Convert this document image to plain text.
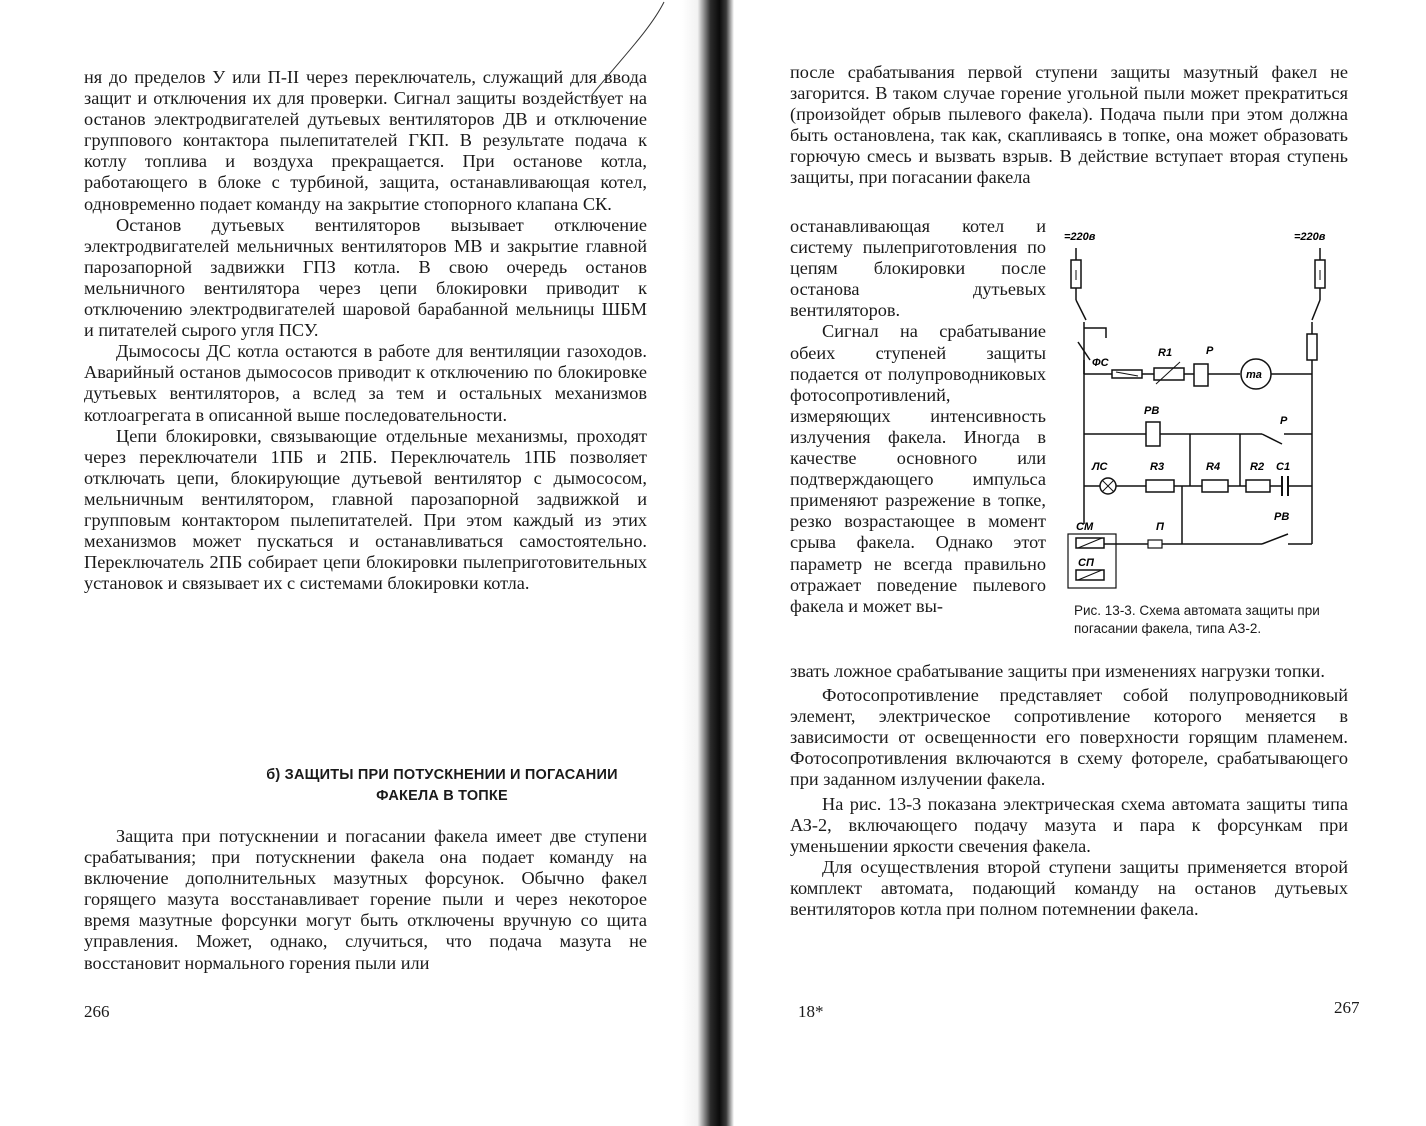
ня до пределов У или П-II через переключатель, служащий для ввода защит и отключения их для проверки. Сигнал защиты воздействует на останов электродвигателей дутьевых вентиляторов ДВ и отключение группового контактора пылепитателей ГКП. В результате подача к котлу топлива и воздуха прекращается. При останове котла, работающего в блоке с турбиной, защита, останавливающая котел, одновременно подает команду на закрытие стопорного клапана СК.

Останов дутьевых вентиляторов вызывает отключение электродвигателей мельничных вентиляторов МВ и закрытие главной парозапорной задвижки ГПЗ котла. В свою очередь останов мельничного вентилятора через цепи блокировки приводит к отключению электродвигателей шаровой барабанной мельницы ШБМ и питателей сырого угля ПСУ.

Дымососы ДС котла остаются в работе для вентиляции газоходов. Аварийный останов дымососов приводит к отключению по блокировке дутьевых вентиляторов, а вслед за тем и остальных механизмов котлоагрегата в описанной выше последовательности.

Цепи блокировки, связывающие отдельные механизмы, проходят через переключатели 1ПБ и 2ПБ. Переключатель 1ПБ позволяет отключать цепи, блокирующие дутьевой вентилятор с дымососом, мельничным вентилятором, главной парозапорной задвижкой и групповым контактором пылепитателей. При этом каждый из этих механизмов может пускаться и останавливаться самостоятельно. Переключатель 2ПБ собирает цепи блокировки пылеприготовительных установок и связывает их с системами блокировки котла.

б) ЗАЩИТЫ ПРИ ПОТУСКНЕНИИ И ПОГАСАНИИ
ФАКЕЛА В ТОПКЕ

Защита при потускнении и погасании факела имеет две ступени срабатывания; при потускнении факела она подает команду на включение дополнительных мазутных форсунок. Обычно факел горящего мазута восстанавливает горение пыли и через некоторое время мазутные форсунки могут быть отключены вручную со щита управления. Может, однако, случиться, что подача мазута не восстановит нормального горения пыли или

266

после срабатывания первой ступени защиты мазутный факел не загорится. В таком случае горение угольной пыли может прекратиться (произойдет обрыв пылевого факела). Подача пыли при этом должна быть остановлена, так как, скапливаясь в топке, она может образовать горючую смесь и вызвать взрыв. В действие вступает вторая ступень защиты, при погасании факела

останавливающая котел и систему пылеприготовления по цепям блокировки после останова дутьевых вентиляторов.

Сигнал на срабатывание обеих ступеней защиты подается от полупроводниковых фотосопротивлений, измеряющих интенсивность излучения факела. Иногда в качестве основного или подтверждающего импульса применяют разрежение в топке, резко возрастающее в момент срыва факела. Однако этот параметр не всегда правильно отражает поведение пылевого факела и может вы-

=220в	=220в
ФС
R1	Р
mа
РВ
Р
ЛС	R3	R4	R2 С1
СМ
СП
П
РВ
Рис. 13-3. Схема автомата защиты при погасании факела, типа АЗ-2.

звать ложное срабатывание защиты при изменениях нагрузки топки.

Фотосопротивление представляет собой полупроводниковый элемент, электрическое сопротивление которого меняется в зависимости от освещенности его поверхности горящим пламенем. Фотосопротивления включаются в схему фотореле, срабатывающего при заданном излучении факела.

На рис. 13-3 показана электрическая схема автомата защиты типа АЗ-2, включающего подачу мазута и пара к форсункам при уменьшении яркости свечения факела.

Для осуществления второй ступени защиты применяется второй комплект автомата, подающий команду на останов дутьевых вентиляторов котла при полном потемнении факела.

18*	267
